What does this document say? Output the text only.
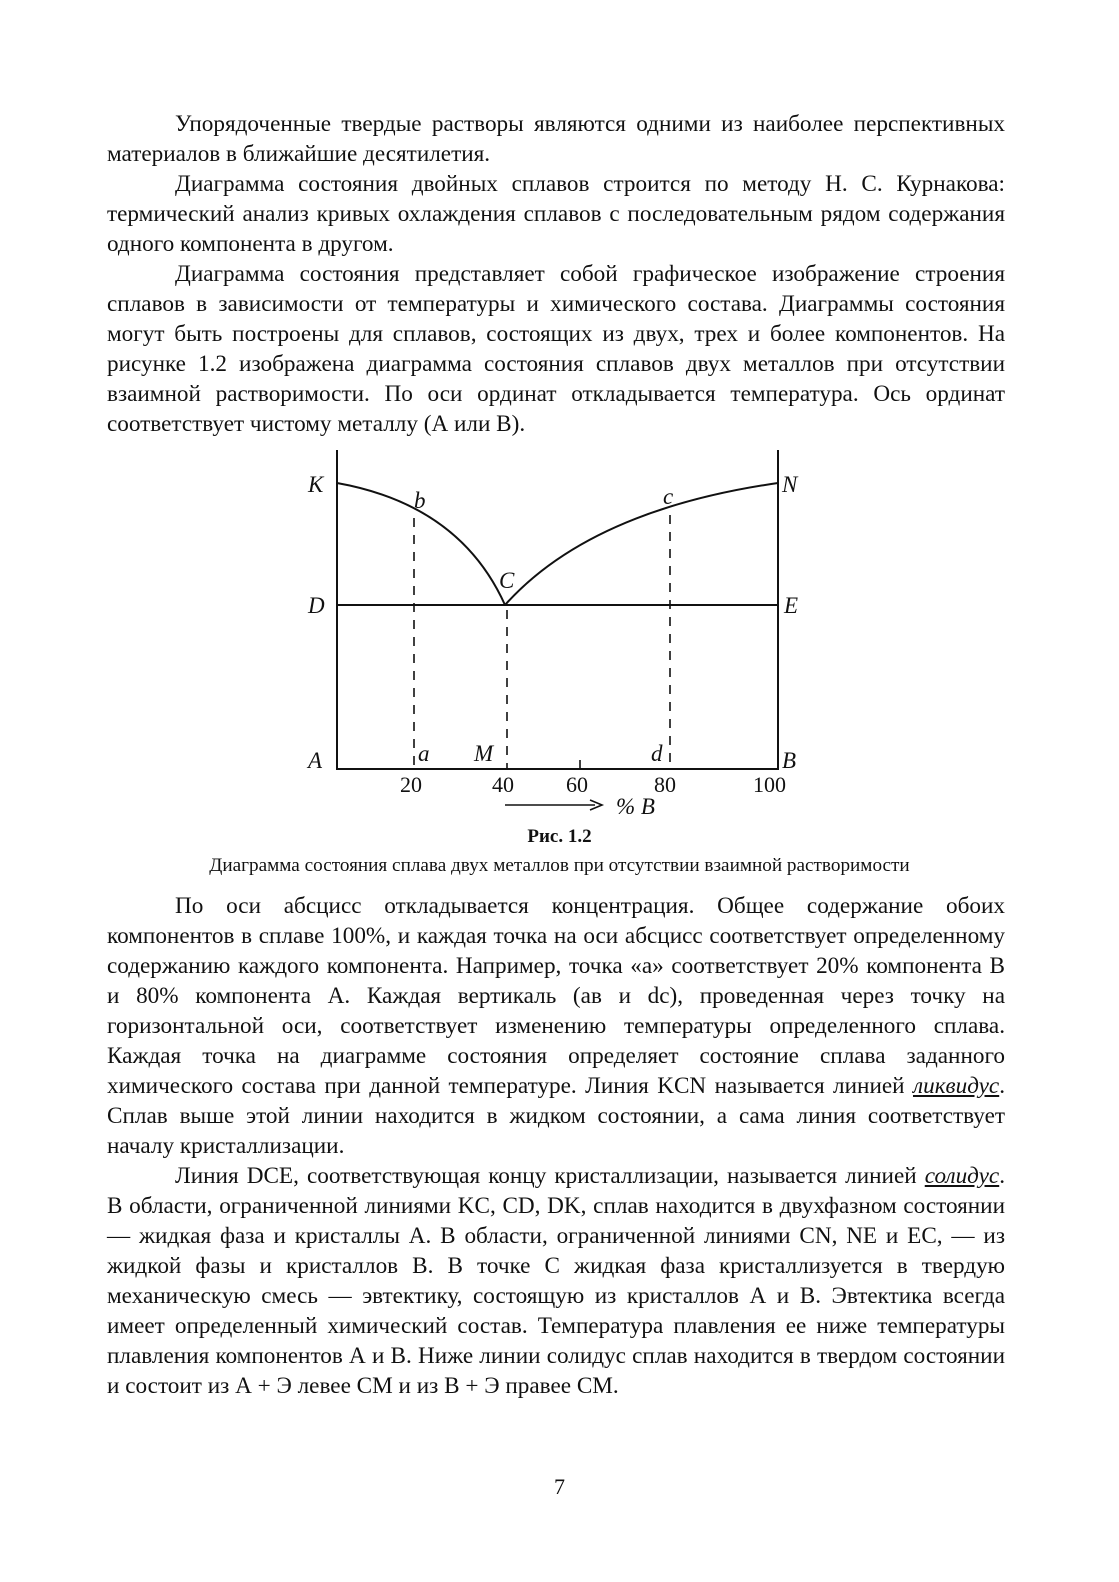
Упорядоченные твердые растворы являются одними из наиболее перспективных материалов в ближайшие десятилетия.

Диаграмма состояния двойных сплавов строится по методу Н. С. Курнакова: термический анализ кривых охлаждения сплавов с последовательным рядом содержания одного компонента в другом.

Диаграмма состояния представляет собой графическое изображение строения сплавов в зависимости от температуры и химического состава. Диаграммы состояния могут быть построены для сплавов, состоящих из двух, трех и более компонентов. На рисунке 1.2 изображена диаграмма состояния сплавов двух металлов при отсутствии взаимной растворимости. По оси ординат откладывается температура. Ось ординат соответствует чистому металлу (А или В).

K
b	c	N
C
D	E
A	a M	d	B
20	40 60	80	100
% B
Рис. 1.2
Диаграмма состояния сплава двух металлов при отсутствии взаимной растворимости

По оси абсцисс откладывается концентрация. Общее содержание обоих компонентов в сплаве 100%, и каждая точка на оси абсцисс соответствует определенному содержанию каждого компонента. Например, точка «а» соответствует 20% компонента В и 80% компонента А. Каждая вертикаль (ав и dc), проведенная через точку на горизонтальной оси, соответствует изменению температуры определенного сплава. Каждая точка на диаграмме состояния определяет состояние сплава заданного химического состава при данной температуре. Линия KCN называется линией ликвидус. Сплав выше этой линии находится в жидком состоянии, а сама линия соответствует началу кристаллизации.

Линия DCE, соответствующая концу кристаллизации, называется линией солидус. В области, ограниченной линиями KC, CD, DK, сплав находится в двухфазном состоянии — жидкая фаза и кристаллы А. В области, ограниченной линиями CN, NE и EC, — из жидкой фазы и кристаллов В. В точке С жидкая фаза кристаллизуется в твердую механическую смесь — эвтектику, состоящую из кристаллов А и В. Эвтектика всегда имеет определенный химический состав. Температура плавления ее ниже температуры плавления компонентов А и В. Ниже линии солидус сплав находится в твердом состоянии и состоит из А + Э левее СМ и из В + Э правее СМ.

7
